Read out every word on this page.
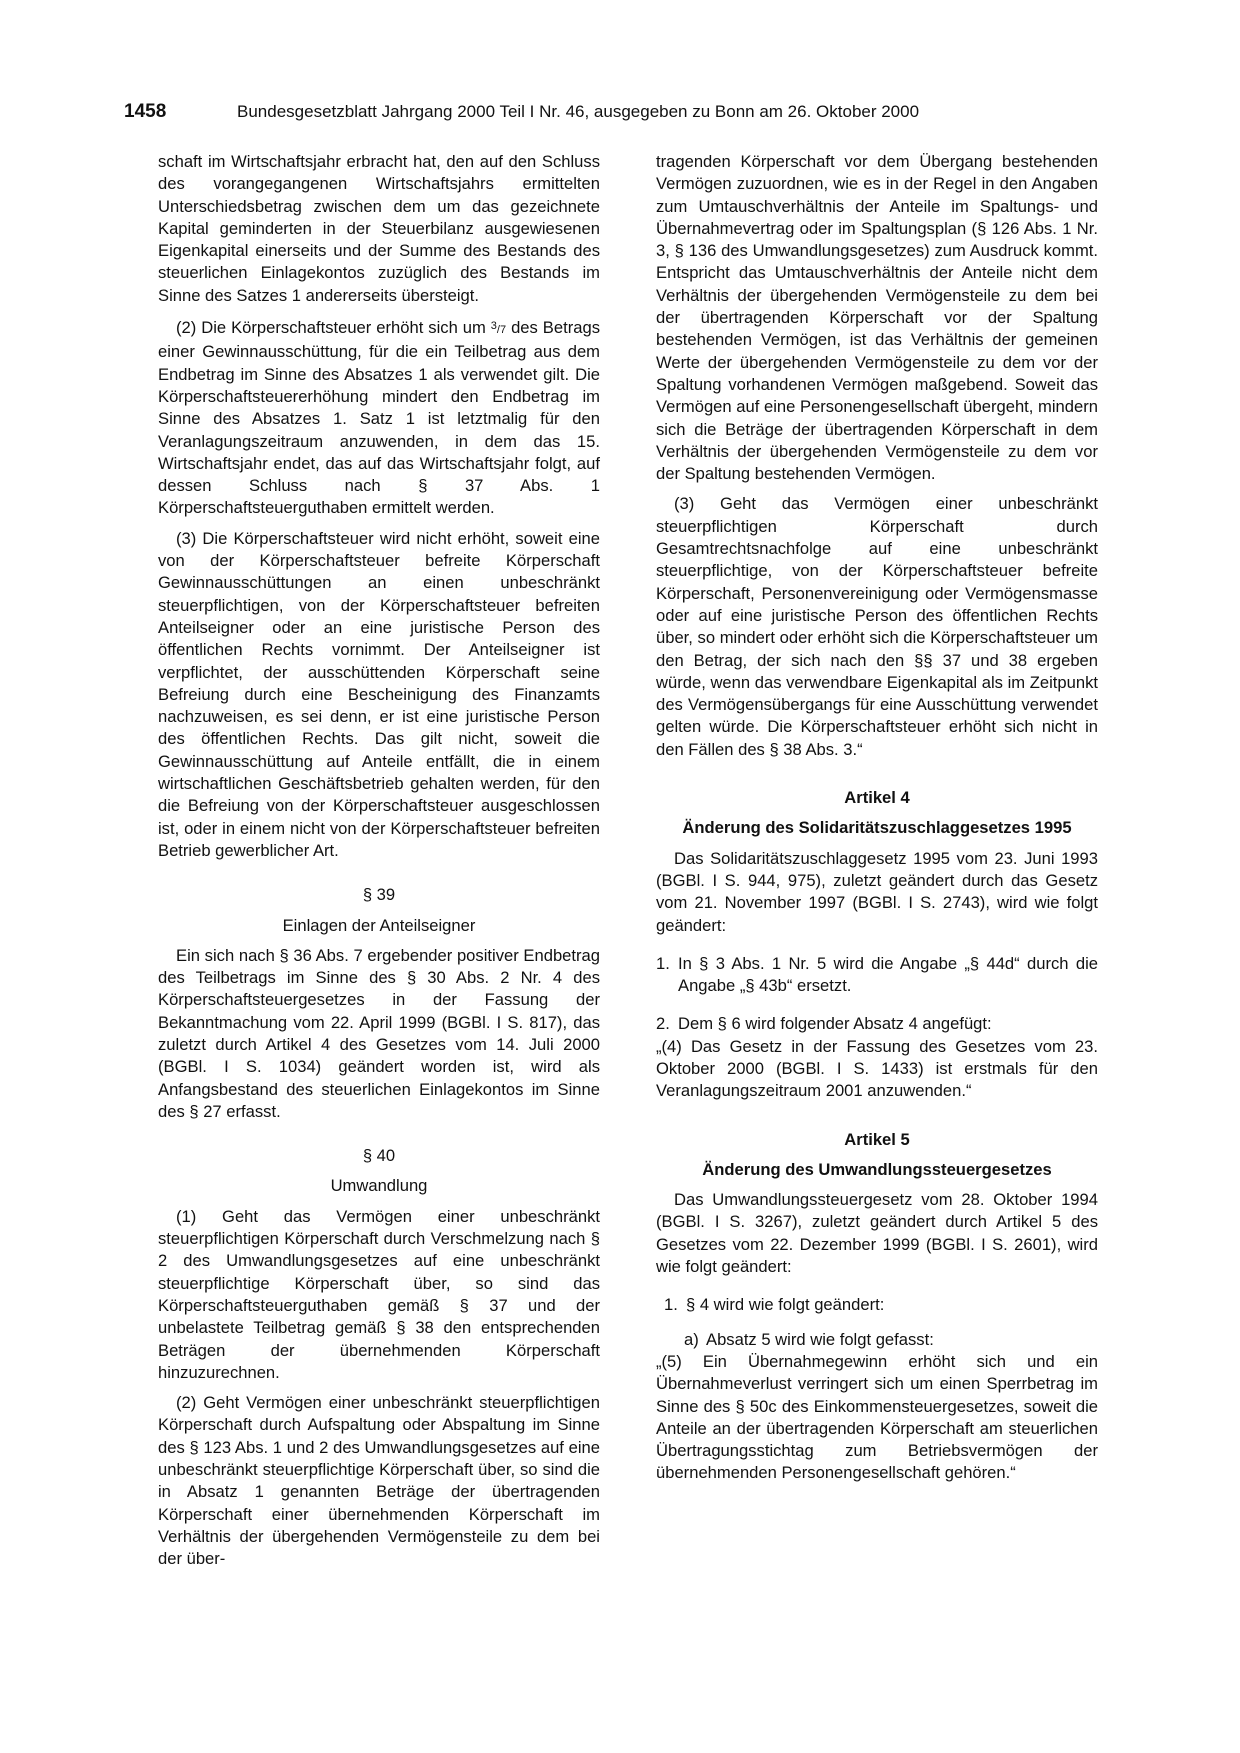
1458	Bundesgesetzblatt Jahrgang 2000 Teil I Nr. 46, ausgegeben zu Bonn am 26. Oktober 2000

schaft im Wirtschaftsjahr erbracht hat, den auf den Schluss des vorangegangenen Wirtschaftsjahrs ermittelten Unterschiedsbetrag zwischen dem um das gezeichnete Kapital geminderten in der Steuerbilanz ausgewiesenen Eigenkapital einerseits und der Summe des Bestands des steuerlichen Einlagekontos zuzüglich des Bestands im Sinne des Satzes 1 andererseits übersteigt.

(2) Die Körperschaftsteuer erhöht sich um $^3$/7 des Betrags einer Gewinnausschüttung, für die ein Teilbetrag aus dem Endbetrag im Sinne des Absatzes 1 als verwendet gilt. Die Körperschaftsteuererhöhung mindert den Endbetrag im Sinne des Absatzes 1. Satz 1 ist letztmalig für den Veranlagungszeitraum anzuwenden, in dem das 15. Wirtschaftsjahr endet, das auf das Wirtschaftsjahr folgt, auf dessen Schluss nach § 37 Abs. 1 Körperschaftsteuerguthaben ermittelt werden.

(3) Die Körperschaftsteuer wird nicht erhöht, soweit eine von der Körperschaftsteuer befreite Körperschaft Gewinnausschüttungen an einen unbeschränkt steuerpflichtigen, von der Körperschaftsteuer befreiten Anteilseigner oder an eine juristische Person des öffentlichen Rechts vornimmt. Der Anteilseigner ist verpflichtet, der ausschüttenden Körperschaft seine Befreiung durch eine Bescheinigung des Finanzamts nachzuweisen, es sei denn, er ist eine juristische Person des öffentlichen Rechts. Das gilt nicht, soweit die Gewinnausschüttung auf Anteile entfällt, die in einem wirtschaftlichen Geschäftsbetrieb gehalten werden, für den die Befreiung von der Körperschaftsteuer ausgeschlossen ist, oder in einem nicht von der Körperschaftsteuer befreiten Betrieb gewerblicher Art.

§ 39

Einlagen der Anteilseigner

Ein sich nach § 36 Abs. 7 ergebender positiver Endbetrag des Teilbetrags im Sinne des § 30 Abs. 2 Nr. 4 des Körperschaftsteuergesetzes in der Fassung der Bekanntmachung vom 22. April 1999 (BGBl. I S. 817), das zuletzt durch Artikel 4 des Gesetzes vom 14. Juli 2000 (BGBl. I S. 1034) geändert worden ist, wird als Anfangsbestand des steuerlichen Einlagekontos im Sinne des § 27 erfasst.

§ 40

Umwandlung

(1) Geht das Vermögen einer unbeschränkt steuerpflichtigen Körperschaft durch Verschmelzung nach § 2 des Umwandlungsgesetzes auf eine unbeschränkt steuerpflichtige Körperschaft über, so sind das Körperschaftsteuerguthaben gemäß § 37 und der unbelastete Teilbetrag gemäß § 38 den entsprechenden Beträgen der übernehmenden Körperschaft hinzuzurechnen.

(2) Geht Vermögen einer unbeschränkt steuerpflichtigen Körperschaft durch Aufspaltung oder Abspaltung im Sinne des § 123 Abs. 1 und 2 des Umwandlungsgesetzes auf eine unbeschränkt steuerpflichtige Körperschaft über, so sind die in Absatz 1 genannten Beträge der übertragenden Körperschaft einer übernehmenden Körperschaft im Verhältnis der übergehenden Vermögensteile zu dem bei der über-

tragenden Körperschaft vor dem Übergang bestehenden Vermögen zuzuordnen, wie es in der Regel in den Angaben zum Umtauschverhältnis der Anteile im Spaltungs- und Übernahmevertrag oder im Spaltungsplan (§ 126 Abs. 1 Nr. 3, § 136 des Umwandlungsgesetzes) zum Ausdruck kommt. Entspricht das Umtauschverhältnis der Anteile nicht dem Verhältnis der übergehenden Vermögensteile zu dem bei der übertragenden Körperschaft vor der Spaltung bestehenden Vermögen, ist das Verhältnis der gemeinen Werte der übergehenden Vermögensteile zu dem vor der Spaltung vorhandenen Vermögen maßgebend. Soweit das Vermögen auf eine Personengesellschaft übergeht, mindern sich die Beträge der übertragenden Körperschaft in dem Verhältnis der übergehenden Vermögensteile zu dem vor der Spaltung bestehenden Vermögen.

(3) Geht das Vermögen einer unbeschränkt steuerpflichtigen Körperschaft durch Gesamtrechtsnachfolge auf eine unbeschränkt steuerpflichtige, von der Körperschaftsteuer befreite Körperschaft, Personenvereinigung oder Vermögensmasse oder auf eine juristische Person des öffentlichen Rechts über, so mindert oder erhöht sich die Körperschaftsteuer um den Betrag, der sich nach den §§ 37 und 38 ergeben würde, wenn das verwendbare Eigenkapital als im Zeitpunkt des Vermögensübergangs für eine Ausschüttung verwendet gelten würde. Die Körperschaftsteuer erhöht sich nicht in den Fällen des § 38 Abs. 3.“

Artikel 4

Änderung des Solidaritätszuschlaggesetzes 1995

Das Solidaritätszuschlaggesetz 1995 vom 23. Juni 1993 (BGBl. I S. 944, 975), zuletzt geändert durch das Gesetz vom 21. November 1997 (BGBl. I S. 2743), wird wie folgt geändert:

1. In § 3 Abs. 1 Nr. 5 wird die Angabe „§ 44d“ durch die Angabe „§ 43b“ ersetzt.
2. Dem § 6 wird folgender Absatz 4 angefügt:

„(4) Das Gesetz in der Fassung des Gesetzes vom 23. Oktober 2000 (BGBl. I S. 1433) ist erstmals für den Veranlagungszeitraum 2001 anzuwenden.“

Artikel 5

Änderung des Umwandlungssteuergesetzes

Das Umwandlungssteuergesetz vom 28. Oktober 1994 (BGBl. I S. 3267), zuletzt geändert durch Artikel 5 des Gesetzes vom 22. Dezember 1999 (BGBl. I S. 2601), wird wie folgt geändert:

1. § 4 wird wie folgt geändert:
a) Absatz 5 wird wie folgt gefasst:

„(5) Ein Übernahmegewinn erhöht sich und ein Übernahmeverlust verringert sich um einen Sperrbetrag im Sinne des § 50c des Einkommensteuergesetzes, soweit die Anteile an der übertragenden Körperschaft am steuerlichen Übertragungsstichtag zum Betriebsvermögen der übernehmenden Personengesellschaft gehören.“
